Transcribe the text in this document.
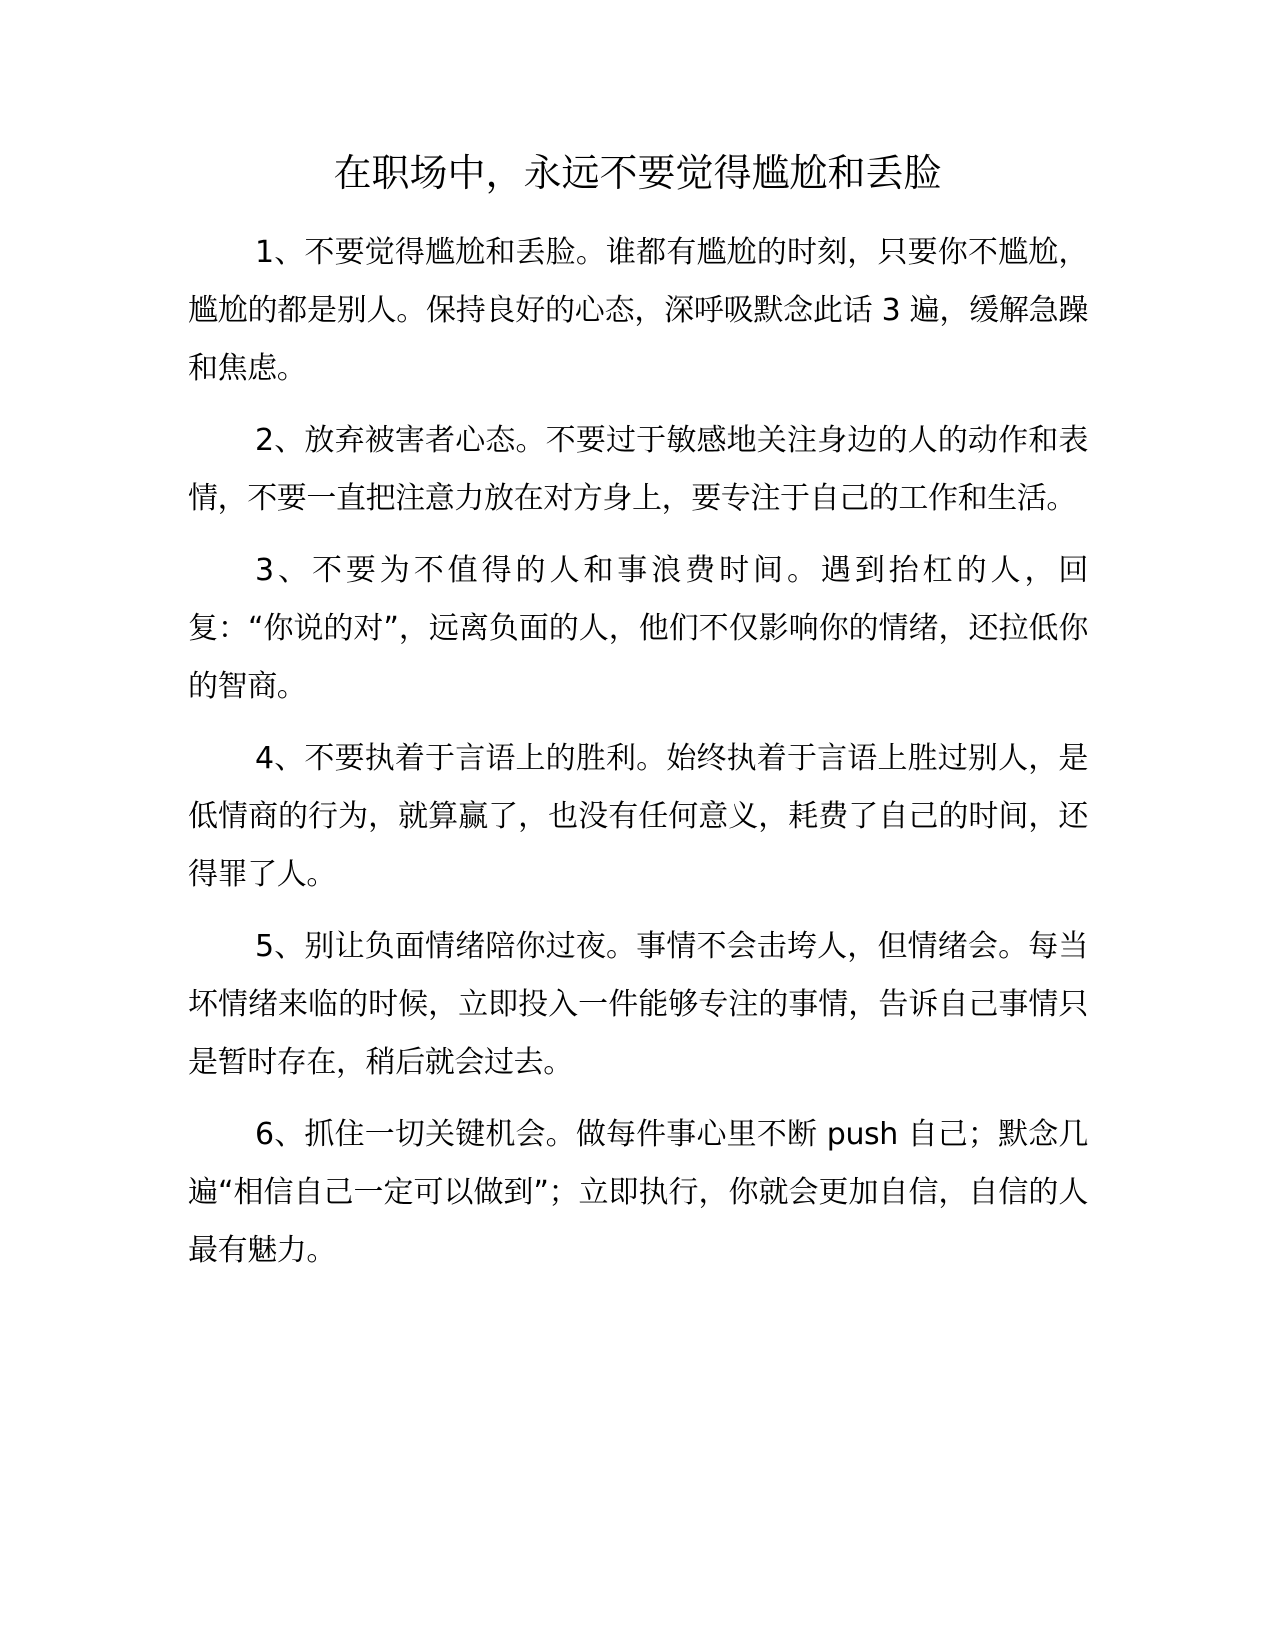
在职场中，永远不要觉得尴尬和丢脸

1、不要觉得尴尬和丢脸。谁都有尴尬的时刻，只要你不尴尬，尴尬的都是别人。保持良好的心态，深呼吸默念此话 3 遍，缓解急躁和焦虑。

2、放弃被害者心态。不要过于敏感地关注身边的人的动作和表情，不要一直把注意力放在对方身上，要专注于自己的工作和生活。

3、不要为不值得的人和事浪费时间。遇到抬杠的人，回复：“你说的对”，远离负面的人，他们不仅影响你的情绪，还拉低你的智商。

4、不要执着于言语上的胜利。始终执着于言语上胜过别人，是低情商的行为，就算赢了，也没有任何意义，耗费了自己的时间，还得罪了人。

5、别让负面情绪陪你过夜。事情不会击垮人，但情绪会。每当坏情绪来临的时候，立即投入一件能够专注的事情，告诉自己事情只是暂时存在，稍后就会过去。

6、抓住一切关键机会。做每件事心里不断 push 自己；默念几遍“相信自己一定可以做到”；立即执行，你就会更加自信，自信的人最有魅力。
